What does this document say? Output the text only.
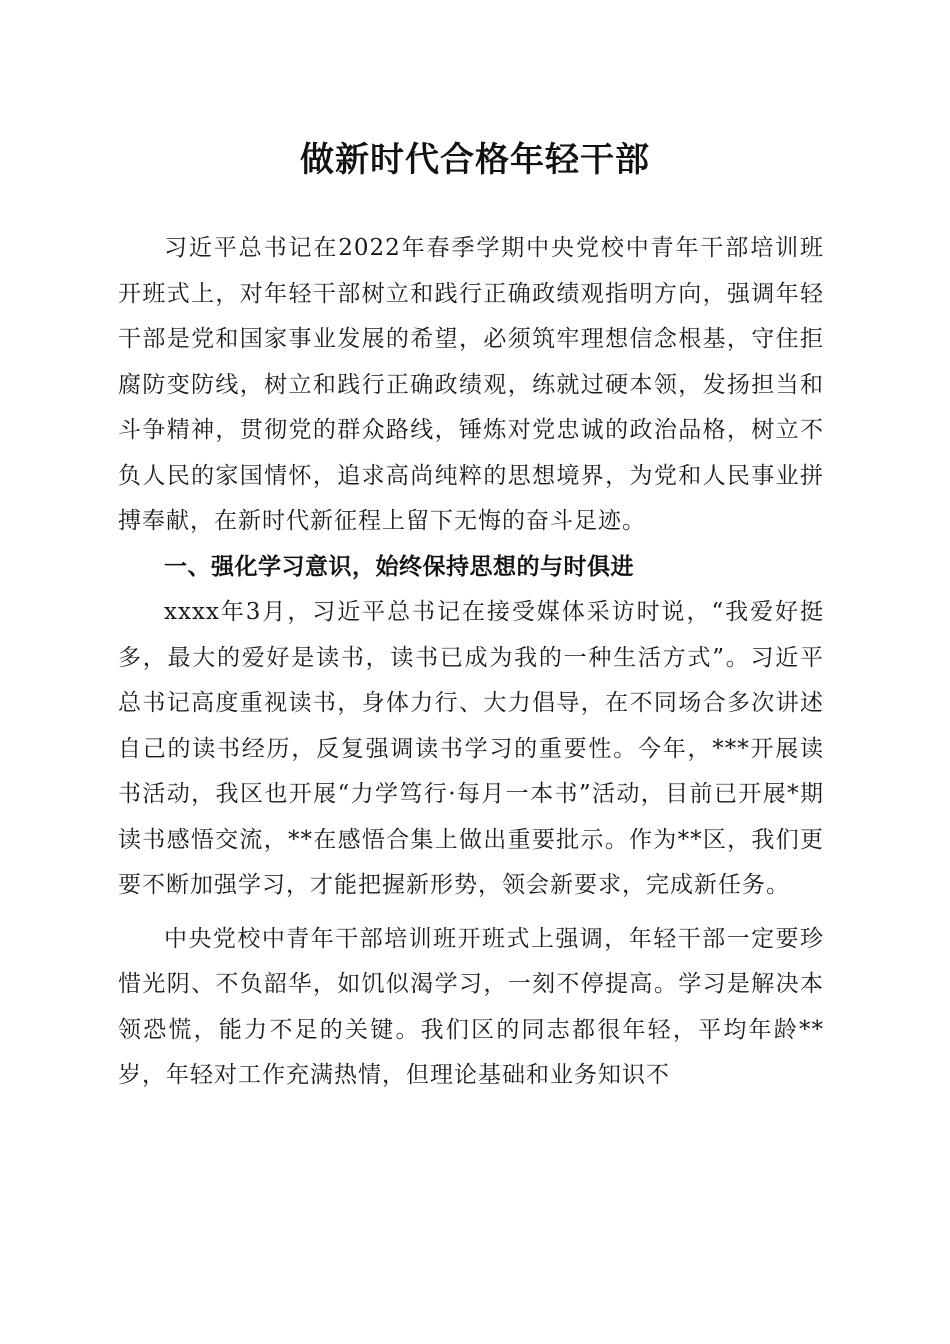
做新时代合格年轻干部

习近平总书记在2022年春季学期中央党校中青年干部培训班开班式上，对年轻干部树立和践行正确政绩观指明方向，强调年轻干部是党和国家事业发展的希望，必须筑牢理想信念根基，守住拒腐防变防线，树立和践行正确政绩观，练就过硬本领，发扬担当和斗争精神，贯彻党的群众路线，锤炼对党忠诚的政治品格，树立不负人民的家国情怀，追求高尚纯粹的思想境界，为党和人民事业拼搏奉献，在新时代新征程上留下无悔的奋斗足迹。

一、强化学习意识，始终保持思想的与时俱进

xxxx年3月，习近平总书记在接受媒体采访时说，“我爱好挺多，最大的爱好是读书，读书已成为我的一种生活方式”。习近平总书记高度重视读书，身体力行、大力倡导，在不同场合多次讲述自己的读书经历，反复强调读书学习的重要性。今年，***开展读书活动，我区也开展“力学笃行·每月一本书”活动，目前已开展*期读书感悟交流，**在感悟合集上做出重要批示。作为**区，我们更要不断加强学习，才能把握新形势，领会新要求，完成新任务。

中央党校中青年干部培训班开班式上强调，年轻干部一定要珍惜光阴、不负韶华，如饥似渴学习，一刻不停提高。学习是解决本领恐慌，能力不足的关键。我们区的同志都很年轻，平均年龄**岁，年轻对工作充满热情，但理论基础和业务知识不
